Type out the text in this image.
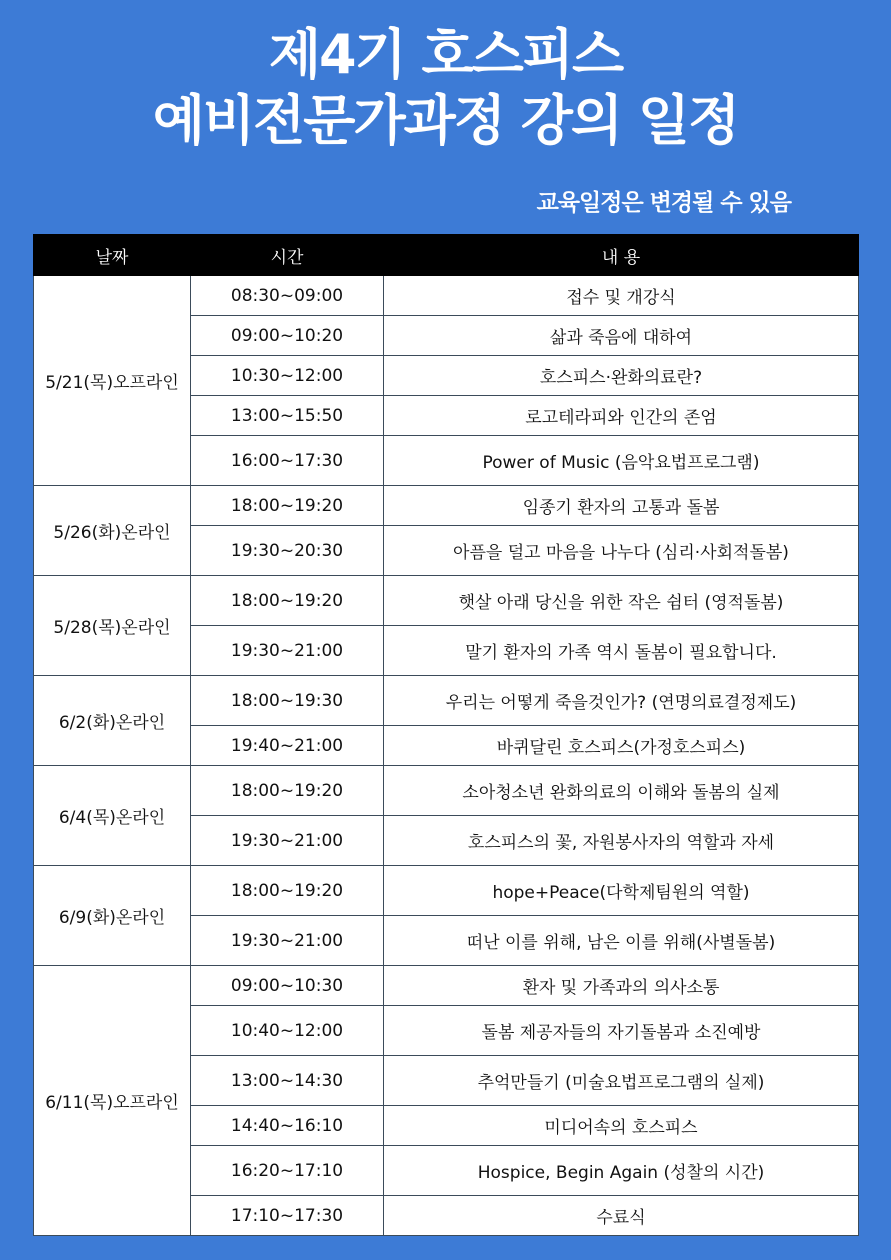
제4기 호스피스
예비전문가과정 강의 일정
교육일정은 변경될 수 있음
날짜	시간	내 용
5/21(목)오프라인	08:30~09:00	접수 및 개강식
	09:00~10:20	삶과 죽음에 대하여
	10:30~12:00	호스피스·완화의료란?
	13:00~15:50	로고테라피와 인간의 존엄
	16:00~17:30	Power of Music (음악요법프로그램)
5/26(화)온라인	18:00~19:20	임종기 환자의 고통과 돌봄
	19:30~20:30	아픔을 덜고 마음을 나누다 (심리·사회적돌봄)
5/28(목)온라인	18:00~19:20	햇살 아래 당신을 위한 작은 쉼터 (영적돌봄)
	19:30~21:00	말기 환자의 가족 역시 돌봄이 필요합니다.
6/2(화)온라인	18:00~19:30	우리는 어떻게 죽을것인가? (연명의료결정제도)
	19:40~21:00	바퀴달린 호스피스(가정호스피스)
6/4(목)온라인	18:00~19:20	소아청소년 완화의료의 이해와 돌봄의 실제
	19:30~21:00	호스피스의 꽃, 자원봉사자의 역할과 자세
6/9(화)온라인	18:00~19:20	hope+Peace(다학제팀원의 역할)
	19:30~21:00	떠난 이를 위해, 남은 이를 위해(사별돌봄)
6/11(목)오프라인	09:00~10:30	환자 및 가족과의 의사소통
	10:40~12:00	돌봄 제공자들의 자기돌봄과 소진예방
	13:00~14:30	추억만들기 (미술요법프로그램의 실제)
	14:40~16:10	미디어속의 호스피스
	16:20~17:10	Hospice, Begin Again (성찰의 시간)
	17:10~17:30	수료식
